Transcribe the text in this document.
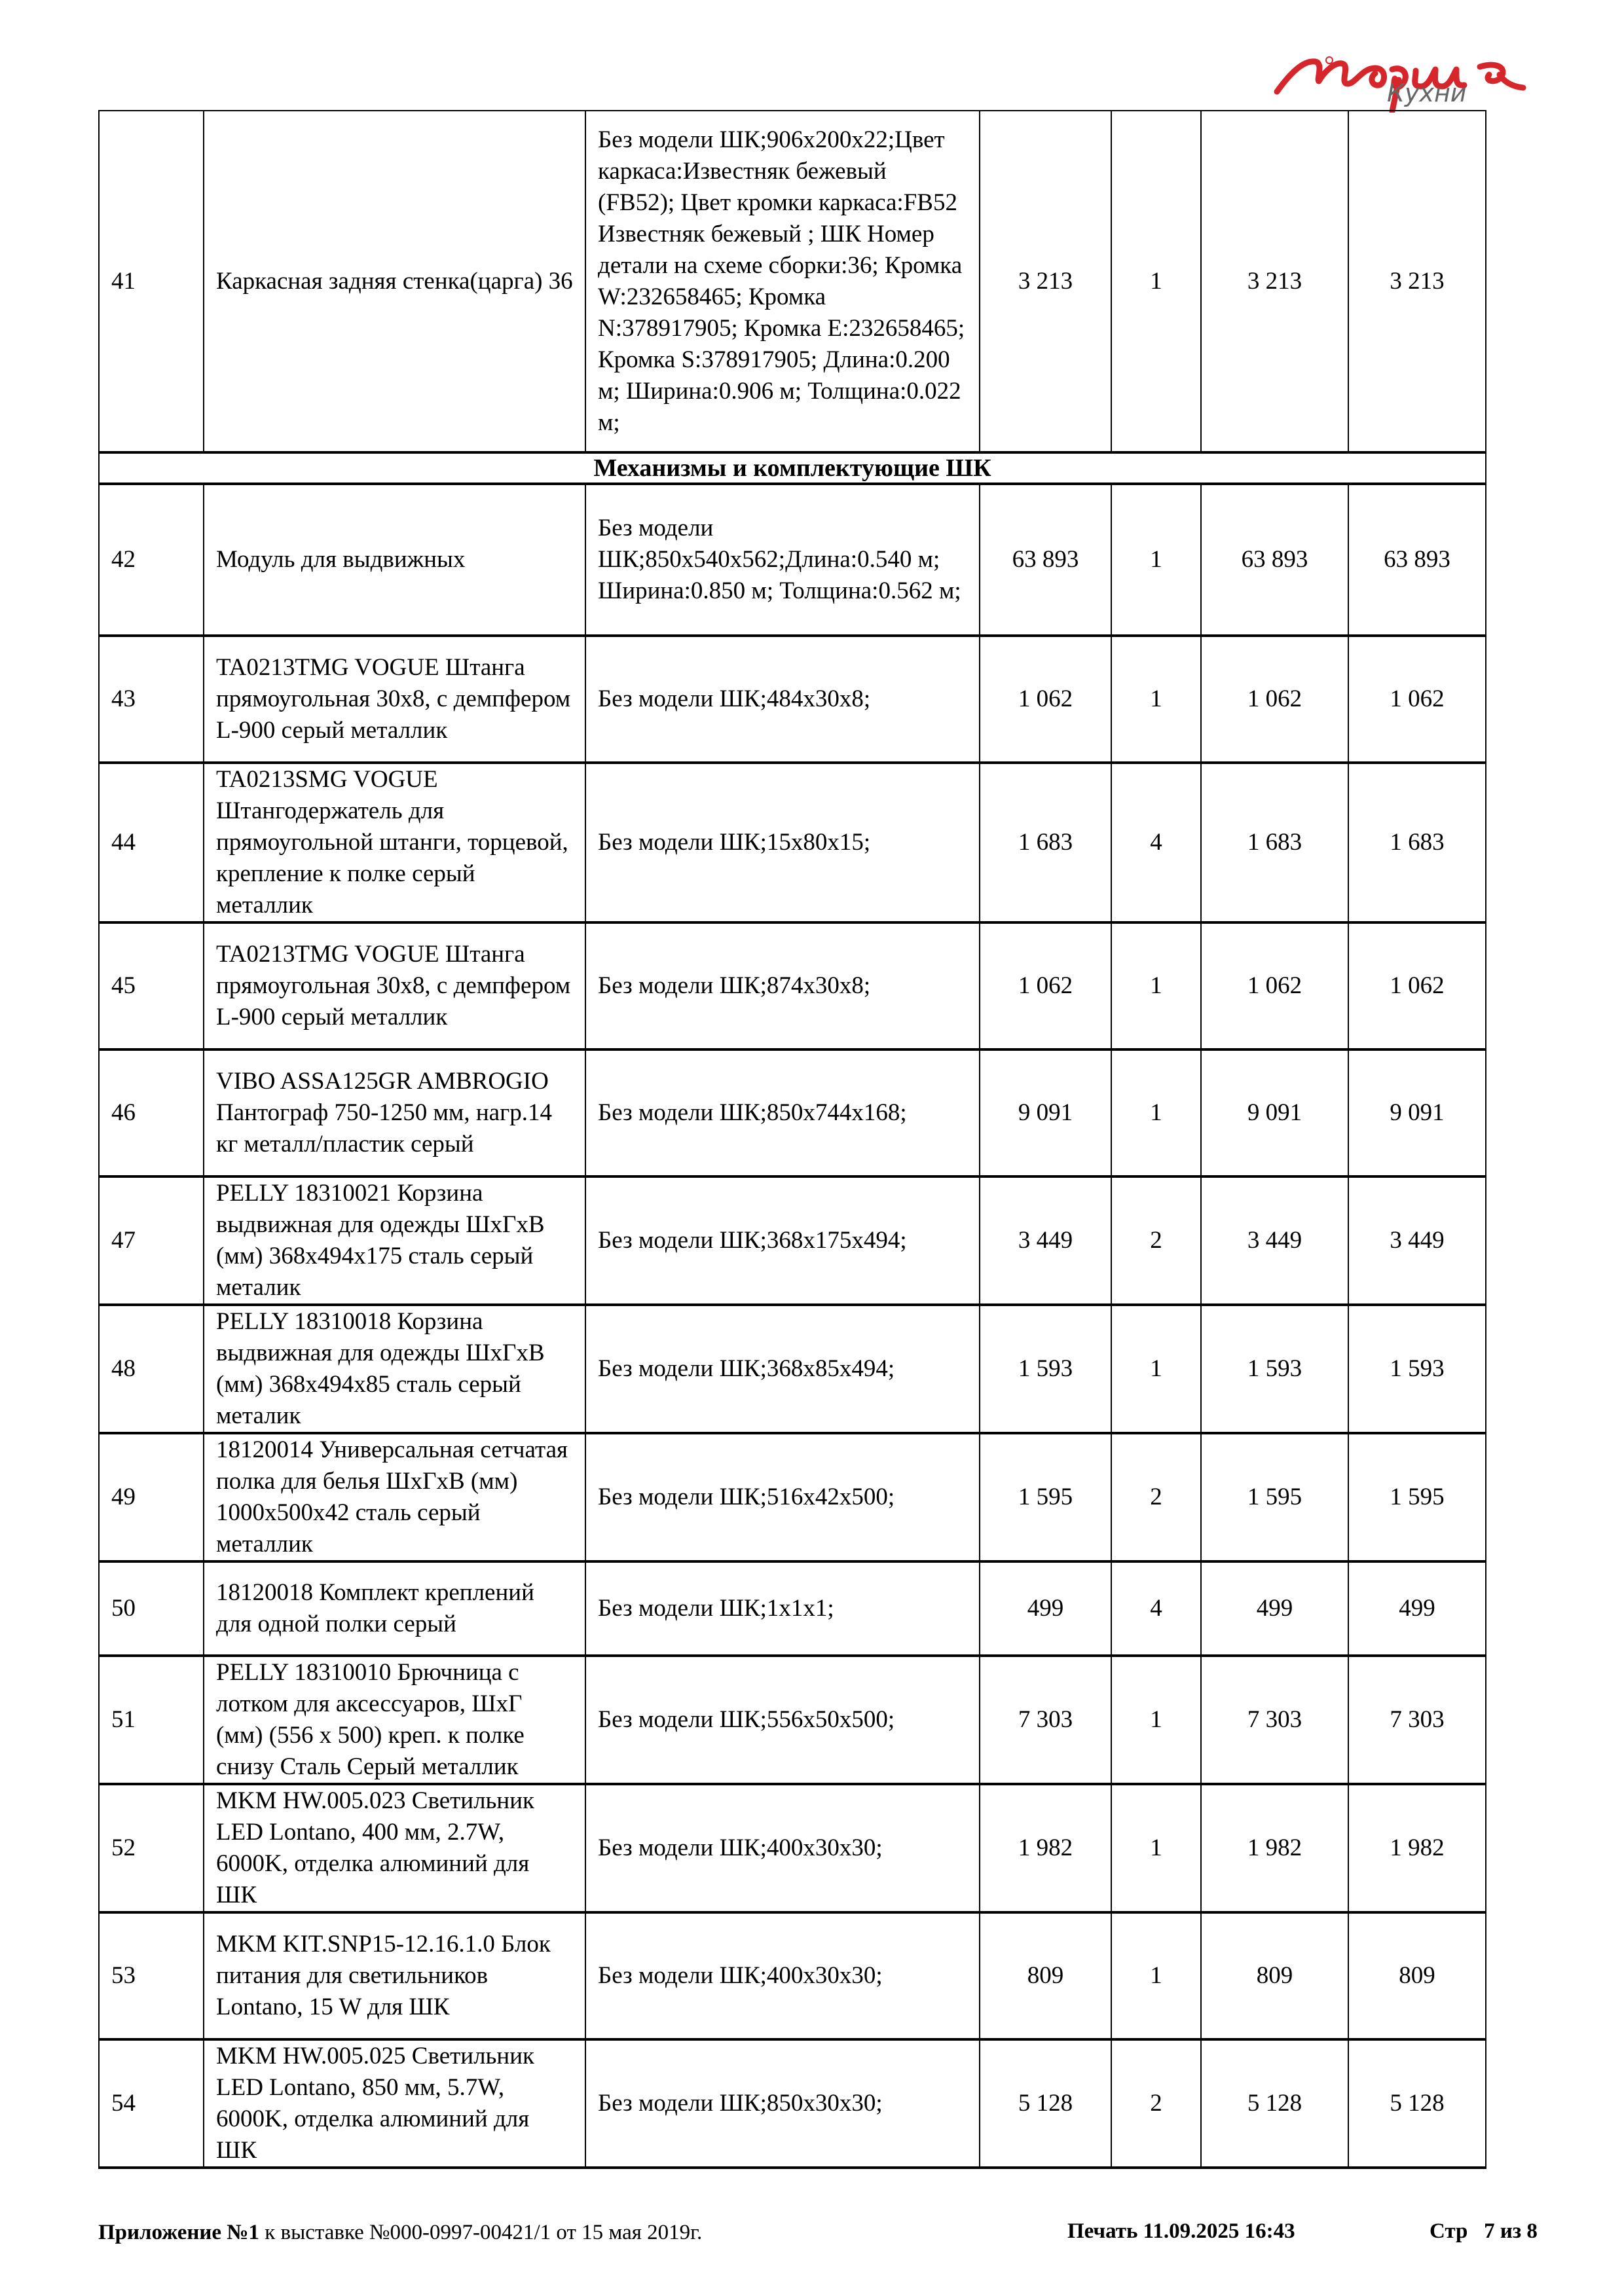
Кухни
41	Каркасная задняя стенка(царга) 36	Без модели ШК;906x200x22;Цвет каркаса:Известняк бежевый (FB52); Цвет кромки каркаса:FB52 Известняк бежевый ; ШК Номер детали на схеме сборки:36; Кромка W:232658465; Кромка N:378917905; Кромка E:232658465; Кромка S:378917905; Длина:0.200 м; Ширина:0.906 м; Толщина:0.022 м;	3 213	1	3 213	3 213
Механизмы и комплектующие ШК						
42	Модуль для выдвижных	Без модели ШК;850x540x562;Длина:0.540 м; Ширина:0.850 м; Толщина:0.562 м;	63 893	1	63 893	63 893
43	TA0213TMG VOGUE Штанга прямоугольная 30х8, с демпфером L-900 серый металлик	Без модели ШК;484x30x8;	1 062	1	1 062	1 062
44	TA0213SMG VOGUE Штангодержатель для прямоугольной штанги, торцевой, крепление к полке серый металлик	Без модели ШК;15x80x15;	1 683	4	1 683	1 683
45	TA0213TMG VOGUE Штанга прямоугольная 30х8, с демпфером L-900 серый металлик	Без модели ШК;874x30x8;	1 062	1	1 062	1 062
46	VIBO ASSA125GR AMBROGIO Пантограф 750-1250 мм, нагр.14 кг металл/пластик серый	Без модели ШК;850x744x168;	9 091	1	9 091	9 091
47	PELLY 18310021 Корзина выдвижная для одежды ШхГхВ (мм) 368х494х175 сталь серый металик	Без модели ШК;368x175x494;	3 449	2	3 449	3 449
48	PELLY 18310018 Корзина выдвижная для одежды ШхГхВ (мм) 368х494х85 сталь серый металик	Без модели ШК;368x85x494;	1 593	1	1 593	1 593
49	18120014 Универсальная сетчатая полка для белья ШхГхВ (мм) 1000х500х42 сталь серый металлик	Без модели ШК;516x42x500;	1 595	2	1 595	1 595
50	18120018 Комплект креплений для одной полки серый	Без модели ШК;1x1x1;	499	4	499	499
51	PELLY 18310010 Брючница с лотком для аксессуаров, ШхГ (мм) (556 х 500) креп. к полке снизу Сталь Серый металлик	Без модели ШК;556x50x500;	7 303	1	7 303	7 303
52	MKM HW.005.023 Светильник LED Lontano, 400 мм, 2.7W, 6000K, отделка алюминий для ШК	Без модели ШК;400x30x30;	1 982	1	1 982	1 982
53	MKM KIT.SNP15-12.16.1.0 Блок питания для светильников Lontano, 15 W для ШК	Без модели ШК;400x30x30;	809	1	809	809
54	MKM HW.005.025 Светильник LED Lontano, 850 мм, 5.7W, 6000K, отделка алюминий для ШК	Без модели ШК;850x30x30;	5 128	2	5 128	5 128
Приложение №1 к выставке №000-0997-00421/1 от 15 мая 2019г.	Печать 11.09.2025 16:43	Стр   7 из 8
